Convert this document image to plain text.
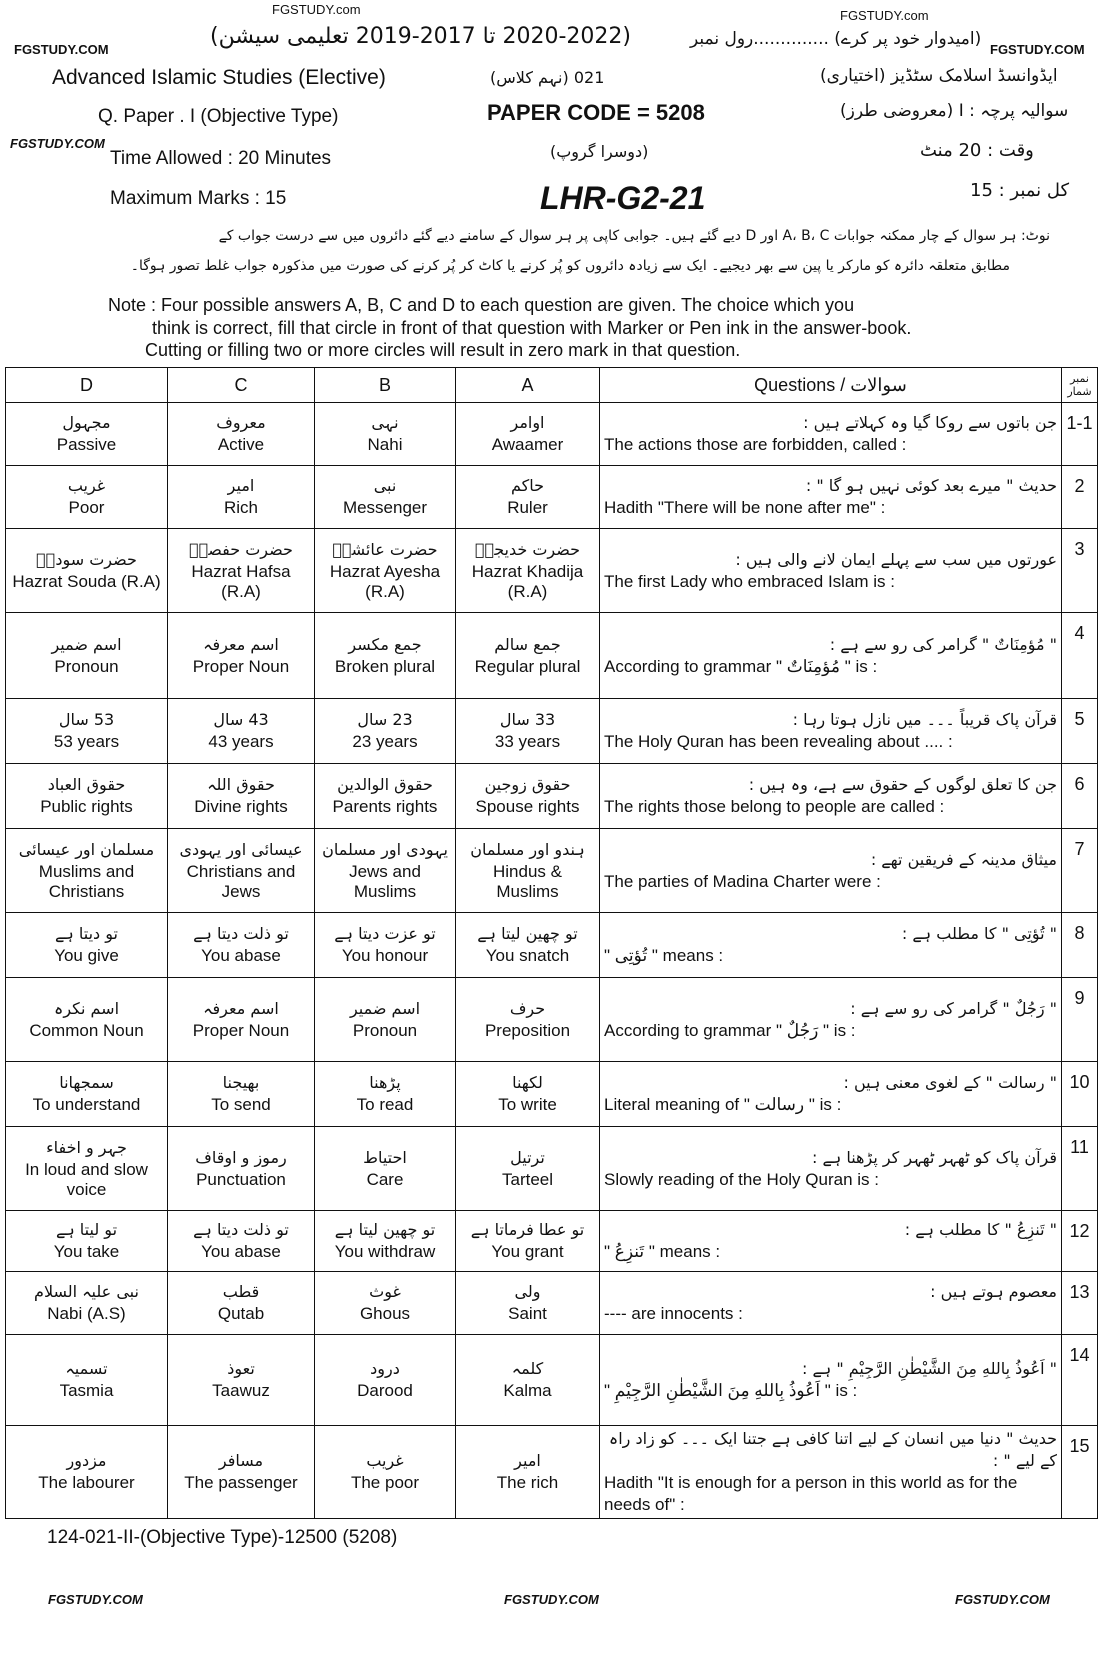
FGSTUDY.com	FGSTUDY.com
FGSTUDY.COM	FGSTUDY.COM
(2020-2022 تا 2017-2019 تعلیمی سیشن)	(امیدوار خود پر کرے) ..............رول نمبر
Advanced Islamic Studies (Elective)	021 (نہم کلاس)	ایڈوانسڈ اسلامک سٹڈیز (اختیاری)
Q. Paper . I (Objective Type)	PAPER CODE = 5208	سوالیہ پرچہ : I (معروضی طرز)
FGSTUDY.COM
Time Allowed : 20 Minutes	(دوسرا گروپ)	وقت : 20 منٹ
Maximum Marks : 15	LHR-G2-21	کل نمبر : 15
نوٹ: ہر سوال کے چار ممکنہ جوابات A، B، C اور D دیے گئے ہیں۔ جوابی کاپی پر ہر سوال کے سامنے دیے گئے دائروں میں سے درست جواب کے
مطابق متعلقہ دائرہ کو مارکر یا پین سے بھر دیجیے۔ ایک سے زیادہ دائروں کو پُر کرنے یا کاٹ کر پُر کرنے کی صورت میں مذکورہ جواب غلط تصور ہوگا۔
Note : Four possible answers A, B, C and D to each question are given. The choice which you
think is correct, fill that circle in front of that question with Marker or Pen ink in the answer-book.
Cutting or filling two or more circles will result in zero mark in that question.
D	C	B	A	Questions / سوالات	نمبر شمار

مجہول
Passive	معروف
Active	نہی
Nahi	اوامر
Awaamer	جن باتوں سے روکا گیا وہ کہلاتے ہیں :
The actions those are forbidden, called :	1-1

غریب
Poor	امیر
Rich	نبی
Messenger	حاکم
Ruler	حدیث " میرے بعد کوئی نہیں ہو گا " :
Hadith "There will be none after me" :	2

حضرت سودہؓ
Hazrat Souda (R.A)	حضرت حفصہؓ
Hazrat Hafsa (R.A)	حضرت عائشہؓ
Hazrat Ayesha (R.A)	حضرت خدیجہؓ
Hazrat Khadija (R.A)	عورتوں میں سب سے پہلے ایمان لانے والی ہیں :
The first Lady who embraced Islam is :	3

اسم ضمیر
Pronoun	اسم معرفہ
Proper Noun	جمع مکسر
Broken plural	جمع سالم
Regular plural	" مُؤمِنَاتٌ " گرامر کی رو سے ہے :
According to grammar " مُؤمِنَاتٌ " is :	4

53 سال
53 years	43 سال
43 years	23 سال
23 years	33 سال
33 years	قرآن پاک قریباً ۔۔۔ میں نازل ہوتا رہا :
The Holy Quran has been revealing about .... :	5

حقوق العباد
Public rights	حقوق اللہ
Divine rights	حقوق الوالدین
Parents rights	حقوق زوجین
Spouse rights	جن کا تعلق لوگوں کے حقوق سے ہے، وہ ہیں :
The rights those belong to people are called :	6

مسلمان اور عیسائی
Muslims and Christians	عیسائی اور یہودی
Christians and Jews	یہودی اور مسلمان
Jews and Muslims	ہندو اور مسلمان
Hindus & Muslims	میثاق مدینہ کے فریقین تھے :
The parties of Madina Charter were :	7

تو دیتا ہے
You give	تو ذلت دیتا ہے
You abase	تو عزت دیتا ہے
You honour	تو چھین لیتا ہے
You snatch	" تُؤتِی " کا مطلب ہے :
" تُؤتِی " means :	8

اسم نکرہ
Common Noun	اسم معرفہ
Proper Noun	اسم ضمیر
Pronoun	حرف
Preposition	" رَجُلٌ " گرامر کی رو سے ہے :
According to grammar " رَجُلٌ " is :	9

سمجھانا
To understand	بھیجنا
To send	پڑھنا
To read	لکھنا
To write	" رسالت " کے لغوی معنی ہیں :
Literal meaning of " رسالت " is :	10

جہر و اخفاء
In loud and slow voice	رموز و اوقاف
Punctuation	احتیاط
Care	ترتیل
Tarteel	قرآن پاک کو ٹھہر ٹھہر کر پڑھنا ہے :
Slowly reading of the Holy Quran is :	11

تو لیتا ہے
You take	تو ذلت دیتا ہے
You abase	تو چھین لیتا ہے
You withdraw	تو عطا فرماتا ہے
You grant	" تَنزِعُ " کا مطلب ہے :
" تَنزِعُ " means :	12

نبی علیہ السلام
Nabi (A.S)	قطب
Qutab	غوث
Ghous	ولی
Saint	معصوم ہوتے ہیں :
---- are innocents :	13

تسمیہ
Tasmia	تعوذ
Taawuz	درود
Darood	کلمہ
Kalma	" اَعُوذُ بِاللهِ مِنَ الشَّيْطٰنِ الرَّجِيْمِ " ہے :
" اَعُوذُ بِاللهِ مِنَ الشَّيْطٰنِ الرَّجِيْمِ " is :	14

مزدور
The labourer	مسافر
The passenger	غریب
The poor	امیر
The rich	حدیث " دنیا میں انسان کے لیے اتنا کافی ہے جتنا ایک ۔۔۔ کو زاد راہ کے لیے " :
Hadith "It is enough for a person in this world as for the needs of" :	15
124-021-II-(Objective Type)-12500 (5208)
FGSTUDY.COM	FGSTUDY.COM	FGSTUDY.COM
